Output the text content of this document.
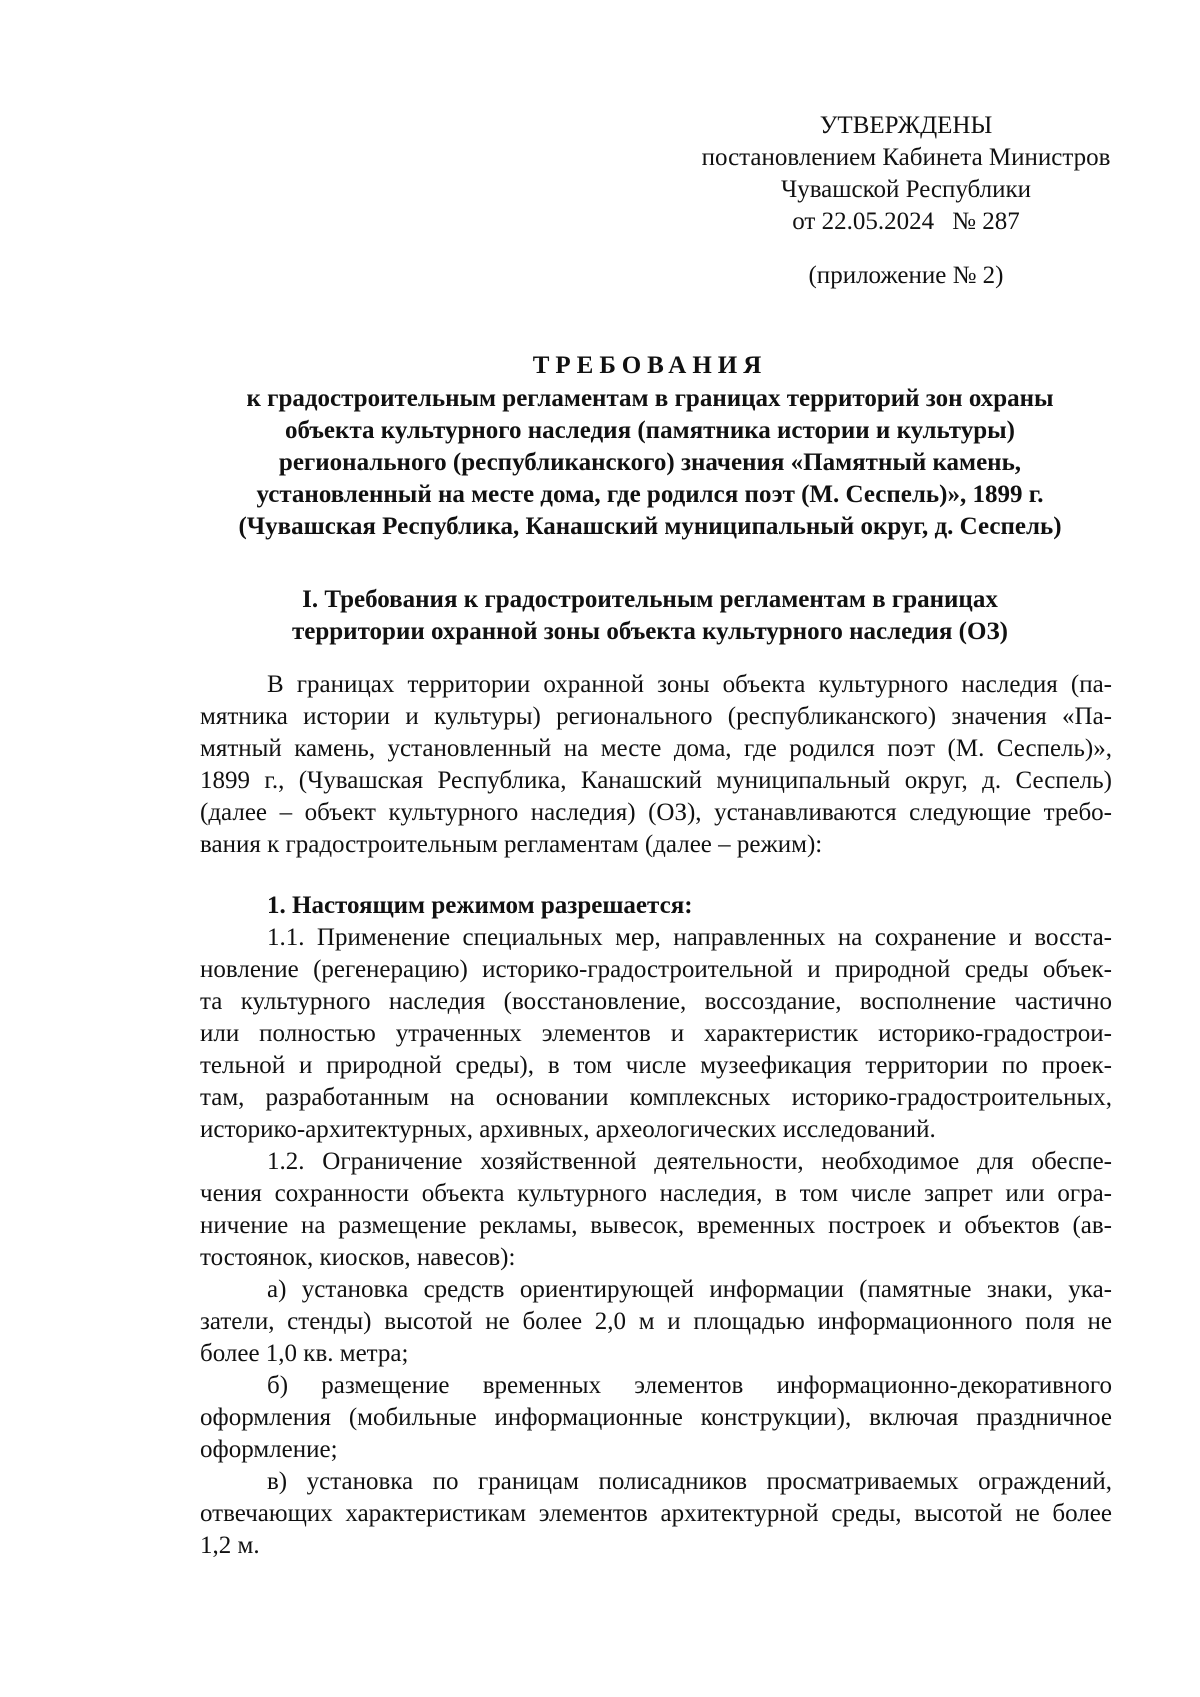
УТВЕРЖДЕНЫ
постановлением Кабинета Министров
Чувашской Республики
от 22.05.2024 № 287
(приложение № 2)
ТРЕБОВАНИЯ
к градостроительным регламентам в границах территорий зон охраны
объекта культурного наследия (памятника истории и культуры)
регионального (республиканского) значения «Памятный камень,
установленный на месте дома, где родился поэт (М. Сеспель)», 1899 г.
(Чувашская Республика, Канашский муниципальный округ, д. Сеспель)
I. Требования к градостроительным регламентам в границах
территории охранной зоны объекта культурного наследия (ОЗ)
В границах территории охранной зоны объекта культурного наследия (па-
мятника истории и культуры) регионального (республиканского) значения «Па-
мятный камень, установленный на месте дома, где родился поэт (М. Сеспель)»,
1899 г., (Чувашская Республика, Канашский муниципальный округ, д. Сеспель)
(далее – объект культурного наследия) (ОЗ), устанавливаются следующие требо-
вания к градостроительным регламентам (далее – режим):
1. Настоящим режимом разрешается:
1.1. Применение специальных мер, направленных на сохранение и восста-
новление (регенерацию) историко-градостроительной и природной среды объек-
та культурного наследия (восстановление, воссоздание, восполнение частично
или полностью утраченных элементов и характеристик историко-градострои-
тельной и природной среды), в том числе музеефикация территории по проек-
там, разработанным на основании комплексных историко-градостроительных,
историко-архитектурных, архивных, археологических исследований.
1.2. Ограничение хозяйственной деятельности, необходимое для обеспе-
чения сохранности объекта культурного наследия, в том числе запрет или огра-
ничение на размещение рекламы, вывесок, временных построек и объектов (ав-
тостоянок, киосков, навесов):
а) установка средств ориентирующей информации (памятные знаки, ука-
затели, стенды) высотой не более 2,0 м и площадью информационного поля не
более 1,0 кв. метра;
б) размещение временных элементов информационно-декоративного
оформления (мобильные информационные конструкции), включая праздничное
оформление;
в) установка по границам полисадников просматриваемых ограждений,
отвечающих характеристикам элементов архитектурной среды, высотой не более
1,2 м.
